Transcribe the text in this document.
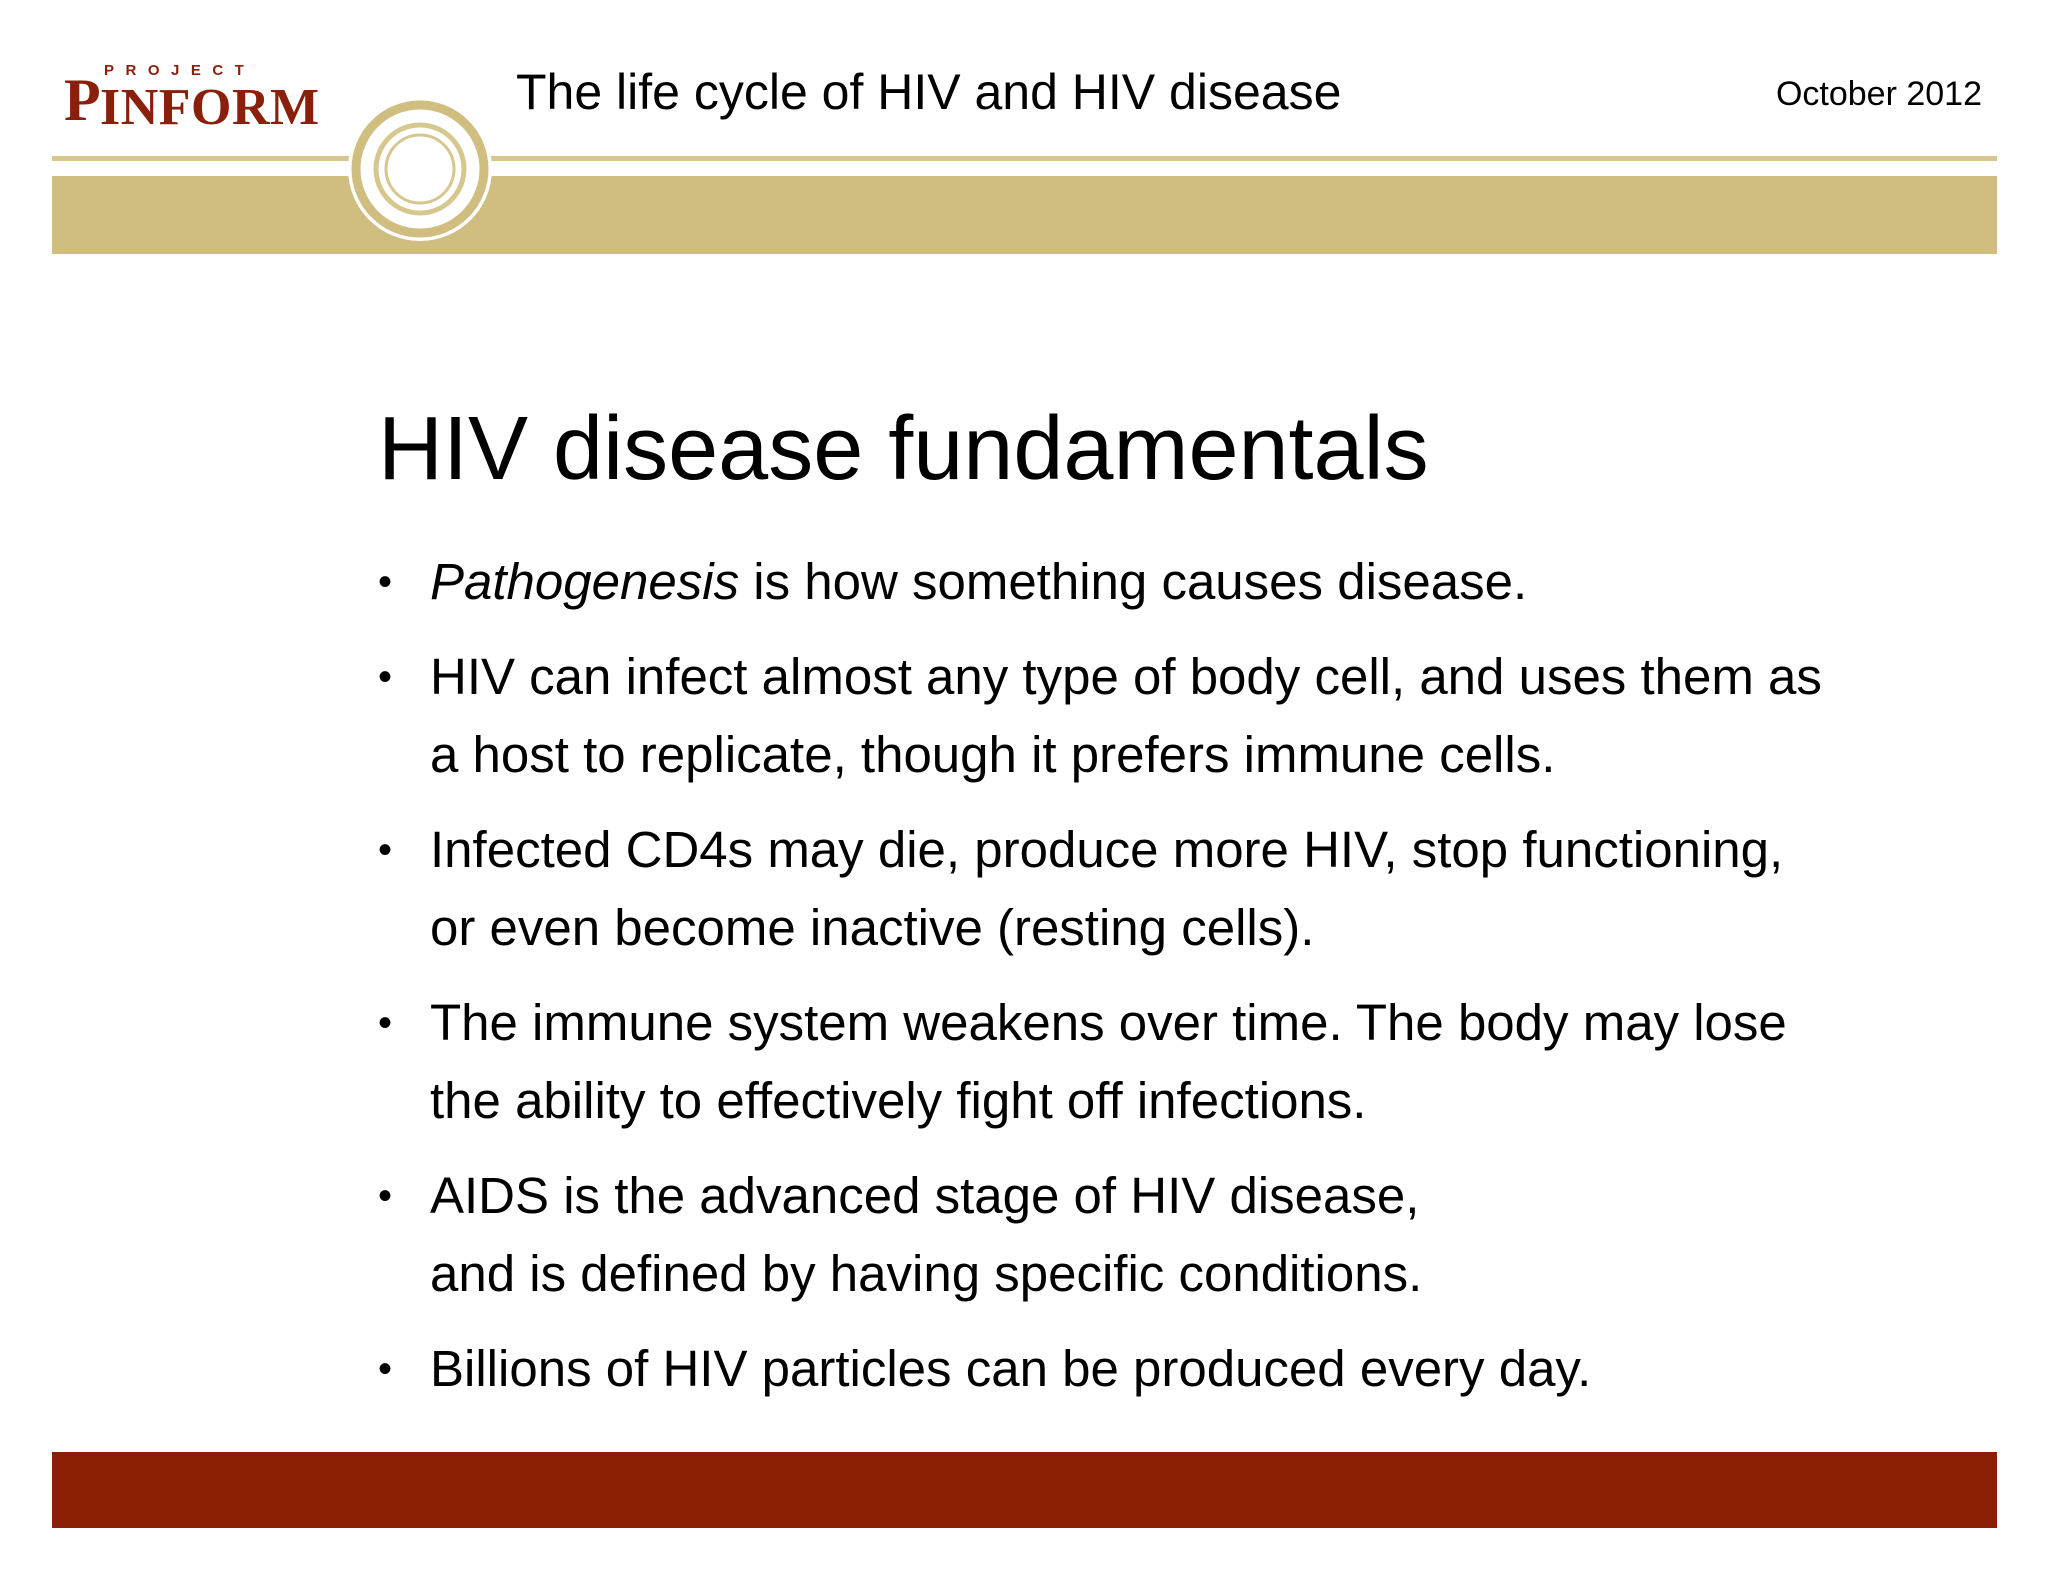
PROJECT
P INFORM	The life cycle of HIV and HIV disease	October 2012
HIV disease fundamentals
• Pathogenesis is how something causes disease.
• HIV can infect almost any type of body cell, and uses them as
a host to replicate, though it prefers immune cells.
• Infected CD4s may die, produce more HIV, stop functioning,
or even become inactive (resting cells).
• The immune system weakens over time. The body may lose
the ability to effectively fight off infections.
• AIDS is the advanced stage of HIV disease,
and is defined by having specific conditions.
• Billions of HIV particles can be produced every day.
